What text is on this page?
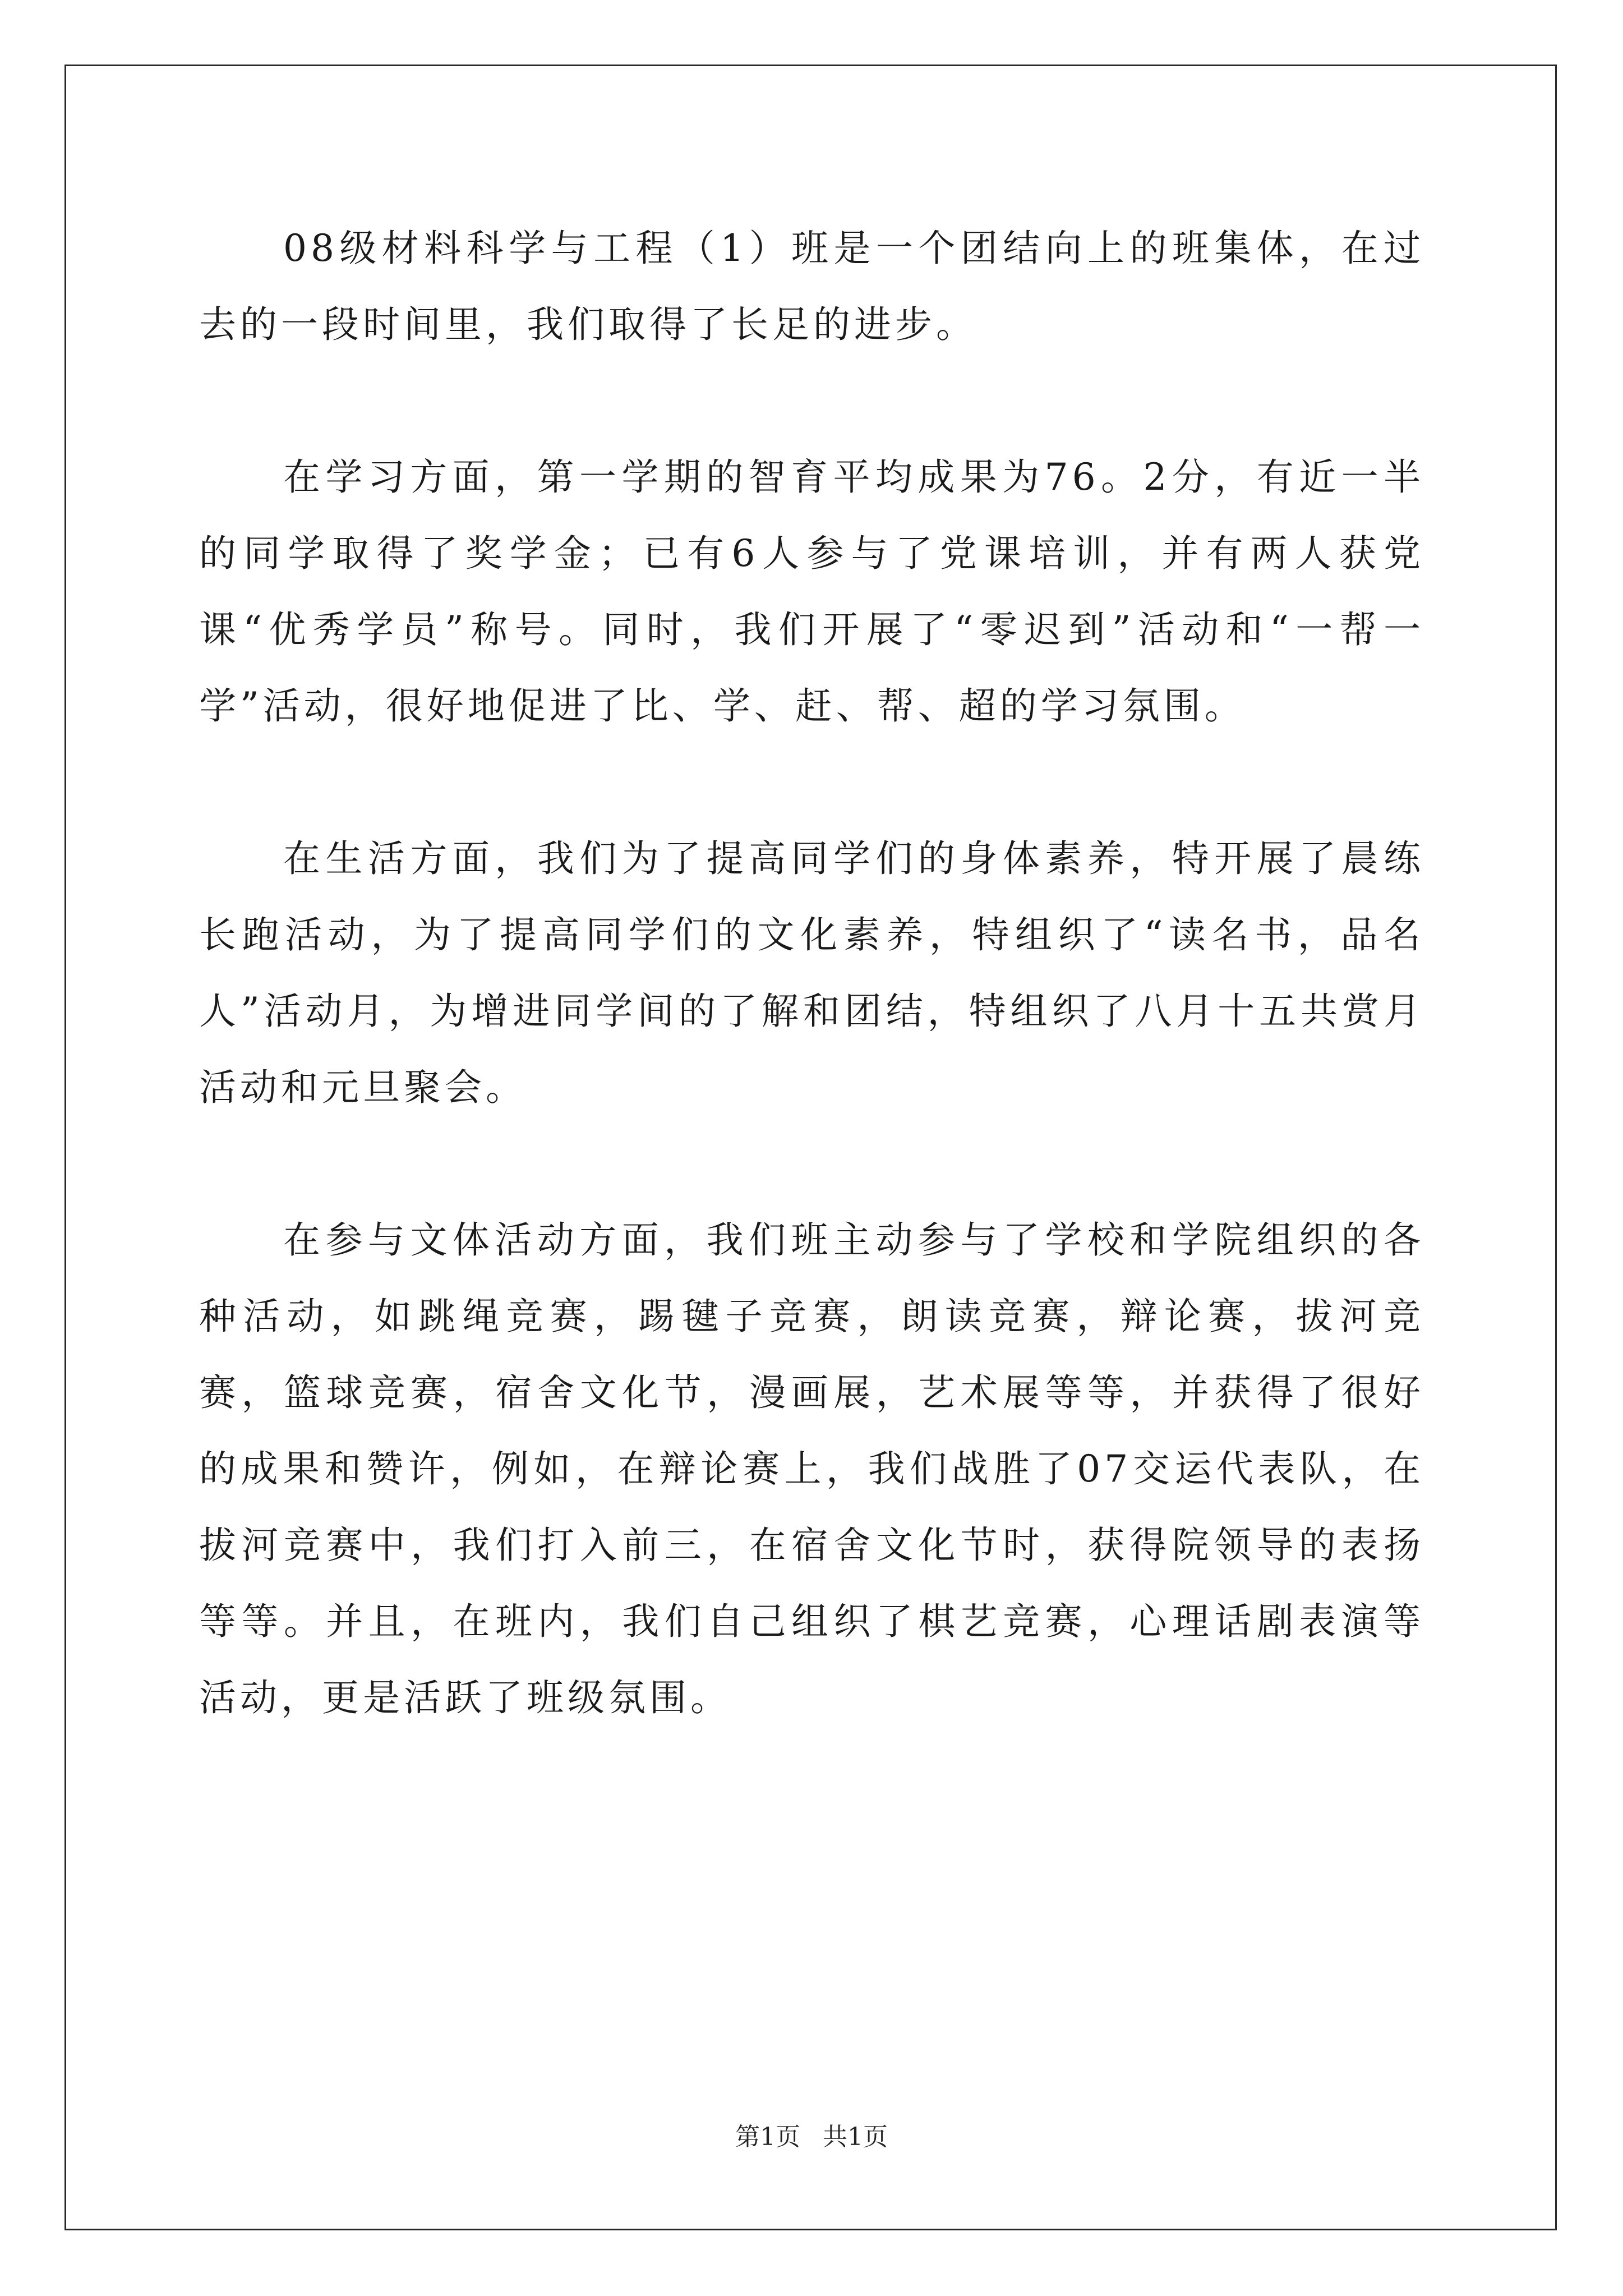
08级材料科学与工程（1）班是一个团结向上的班集体，在过去的一段时间里，我们取得了长足的进步。

在学习方面，第一学期的智育平均成果为76。2分，有近一半的同学取得了奖学金；已有6人参与了党课培训，并有两人获党课“优秀学员”称号。同时，我们开展了“零迟到”活动和“一帮一学”活动，很好地促进了比、学、赶、帮、超的学习氛围。

在生活方面，我们为了提高同学们的身体素养，特开展了晨练长跑活动，为了提高同学们的文化素养，特组织了“读名书，品名人”活动月，为增进同学间的了解和团结，特组织了八月十五共赏月活动和元旦聚会。

在参与文体活动方面，我们班主动参与了学校和学院组织的各种活动，如跳绳竞赛，踢毽子竞赛，朗读竞赛，辩论赛，拔河竞赛，篮球竞赛，宿舍文化节，漫画展，艺术展等等，并获得了很好的成果和赞许，例如，在辩论赛上，我们战胜了07交运代表队，在拔河竞赛中，我们打入前三，在宿舍文化节时，获得院领导的表扬等等。并且，在班内，我们自己组织了棋艺竞赛，心理话剧表演等活动，更是活跃了班级氛围。

第1页 共1页
